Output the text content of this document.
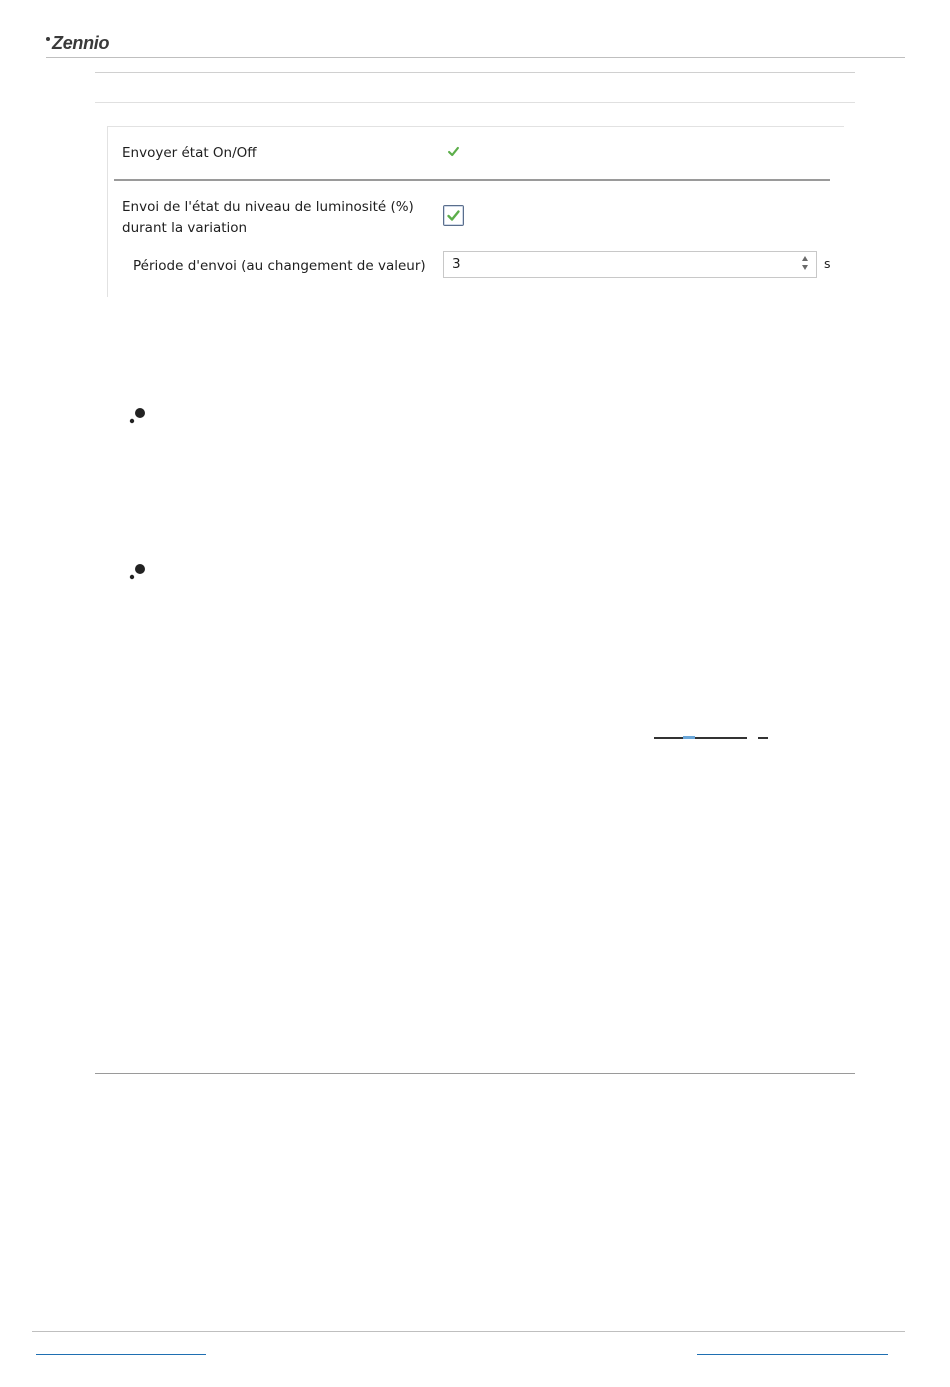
Zennio
Envoyer état On/Off
Envoi de l'état du niveau de luminosité (%)
durant la variation
Période d'envoi (au changement de valeur) 3	s
